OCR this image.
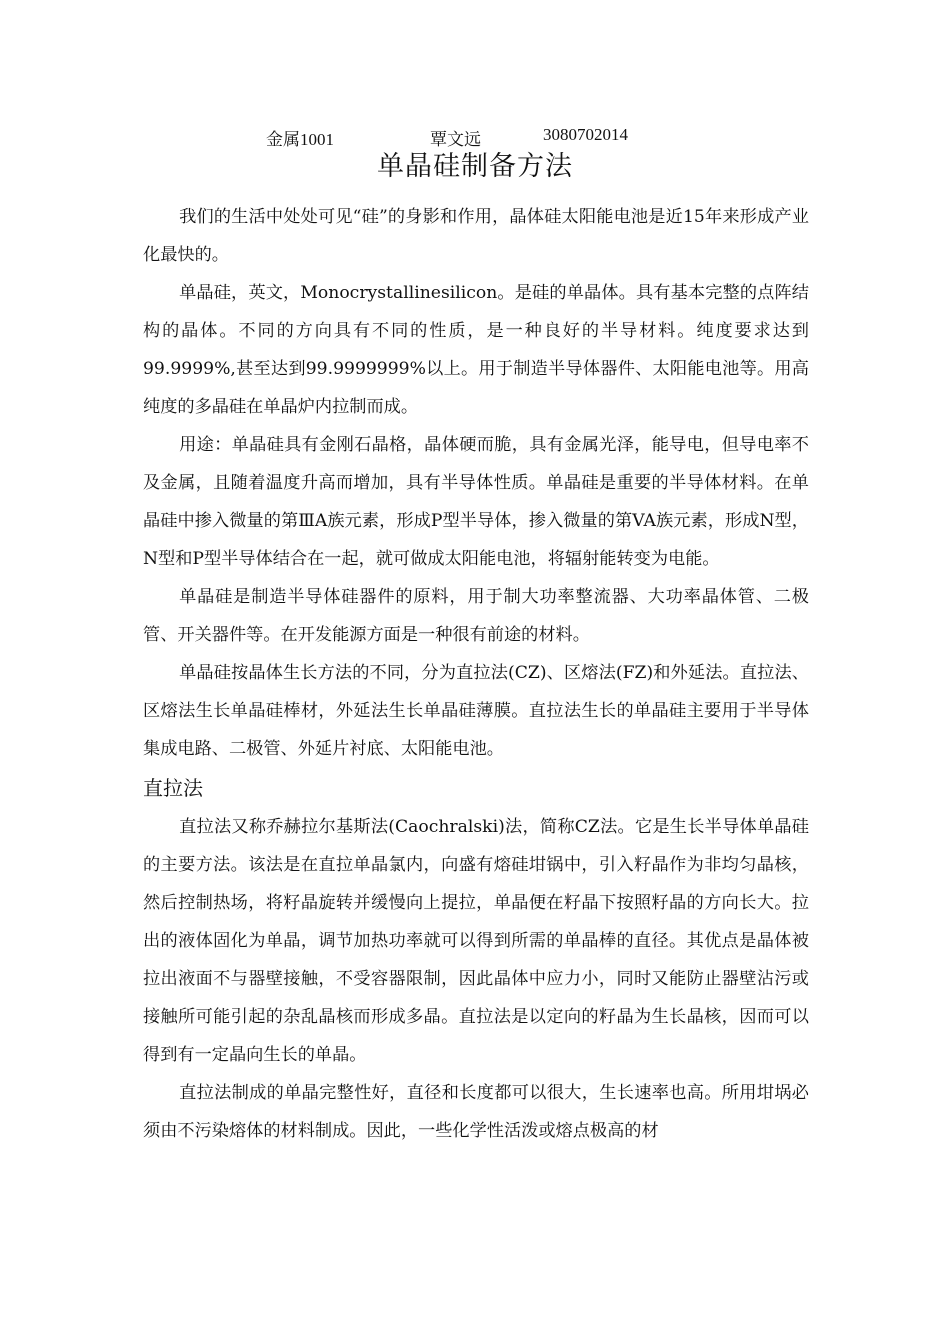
金属1001	覃文远	3080702014
单晶硅制备方法

我们的生活中处处可见“硅”的身影和作用，晶体硅太阳能电池是近15年来形成产业化最快的。

单晶硅，英文，Monocrystallinesilicon。是硅的单晶体。具有基本完整的点阵结构的晶体。不同的方向具有不同的性质，是一种良好的半导材料。纯度要求达到99.9999%,甚至达到99.9999999%以上。用于制造半导体器件、太阳能电池等。用高纯度的多晶硅在单晶炉内拉制而成。

用途：单晶硅具有金刚石晶格，晶体硬而脆，具有金属光泽，能导电，但导电率不及金属，且随着温度升高而增加，具有半导体性质。单晶硅是重要的半导体材料。在单晶硅中掺入微量的第ⅢA族元素，形成P型半导体，掺入微量的第VA族元素，形成N型，N型和P型半导体结合在一起，就可做成太阳能电池，将辐射能转变为电能。

单晶硅是制造半导体硅器件的原料，用于制大功率整流器、大功率晶体管、二极管、开关器件等。在开发能源方面是一种很有前途的材料。

单晶硅按晶体生长方法的不同，分为直拉法(CZ)、区熔法(FZ)和外延法。直拉法、区熔法生长单晶硅棒材，外延法生长单晶硅薄膜。直拉法生长的单晶硅主要用于半导体集成电路、二极管、外延片衬底、太阳能电池。

直拉法

直拉法又称乔赫拉尔基斯法(Caochralski)法，简称CZ法。它是生长半导体单晶硅的主要方法。该法是在直拉单晶氯内，向盛有熔硅坩锅中，引入籽晶作为非均匀晶核，然后控制热场，将籽晶旋转并缓慢向上提拉，单晶便在籽晶下按照籽晶的方向长大。拉出的液体固化为单晶，调节加热功率就可以得到所需的单晶棒的直径。其优点是晶体被拉出液面不与器壁接触，不受容器限制，因此晶体中应力小，同时又能防止器壁沾污或接触所可能引起的杂乱晶核而形成多晶。直拉法是以定向的籽晶为生长晶核，因而可以得到有一定晶向生长的单晶。

直拉法制成的单晶完整性好，直径和长度都可以很大，生长速率也高。所用坩埚必须由不污染熔体的材料制成。因此，一些化学性活泼或熔点极高的材
